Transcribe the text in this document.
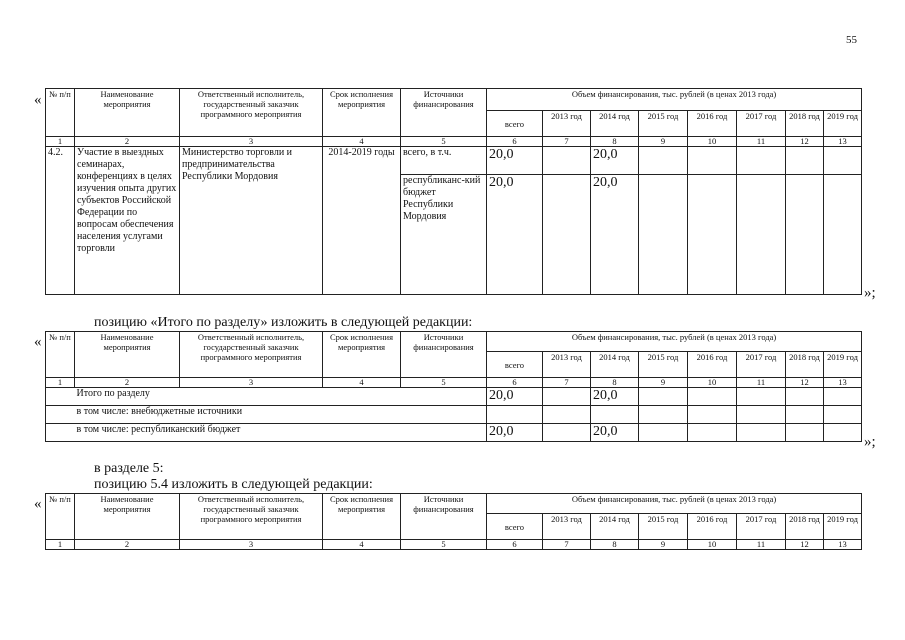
55
« № п/п	Наименование мероприятия	Ответственный исполнитель, государственный заказчик программного мероприятия	Срок исполнения мероприятия	Источники финансирования	Объем финансирования, тыс. рублей (в ценах 2013 года)							
					всего	2013 год	2014 год	2015 год	2016 год	2017 год	2018 год	2019 год
1	2	3	4	5	6	7	8	9	10	11	12	13
4.2.	Участие в выездных семинарах, конференциях в целях изучения опыта других субъектов Российской Федерации по вопросам обеспечения населения услугами торговли	Министерство торговли и предпринимательства Республики Мордовия	2014-2019 годы	всего, в т.ч.	20,0		20,0					
				республиканс-кий бюджет Республики Мордовия	20,0		20,0					
»;
позицию «Итого по разделу» изложить в следующей редакции:
« № п/п	Наименование мероприятия	Ответственный исполнитель, государственный заказчик программного мероприятия	Срок исполнения мероприятия	Источники финансирования	Объем финансирования, тыс. рублей (в ценах 2013 года)							
					всего	2013 год	2014 год	2015 год	2016 год	2017 год	2018 год	2019 год
1	2	3	4	5	6	7	8	9	10	11	12	13
	Итого по разделу				20,0		20,0					
	в том числе: внебюджетные источники											
	в том числе: республиканский бюджет				20,0		20,0					
»;
в разделе 5:
позицию 5.4 изложить в следующей редакции:
« № п/п	Наименование мероприятия	Ответственный исполнитель, государственный заказчик программного мероприятия	Срок исполнения мероприятия	Источники финансирования	Объем финансирования, тыс. рублей (в ценах 2013 года)							
					всего	2013 год	2014 год	2015 год	2016 год	2017 год	2018 год	2019 год
1	2	3	4	5	6	7	8	9	10	11	12	13
